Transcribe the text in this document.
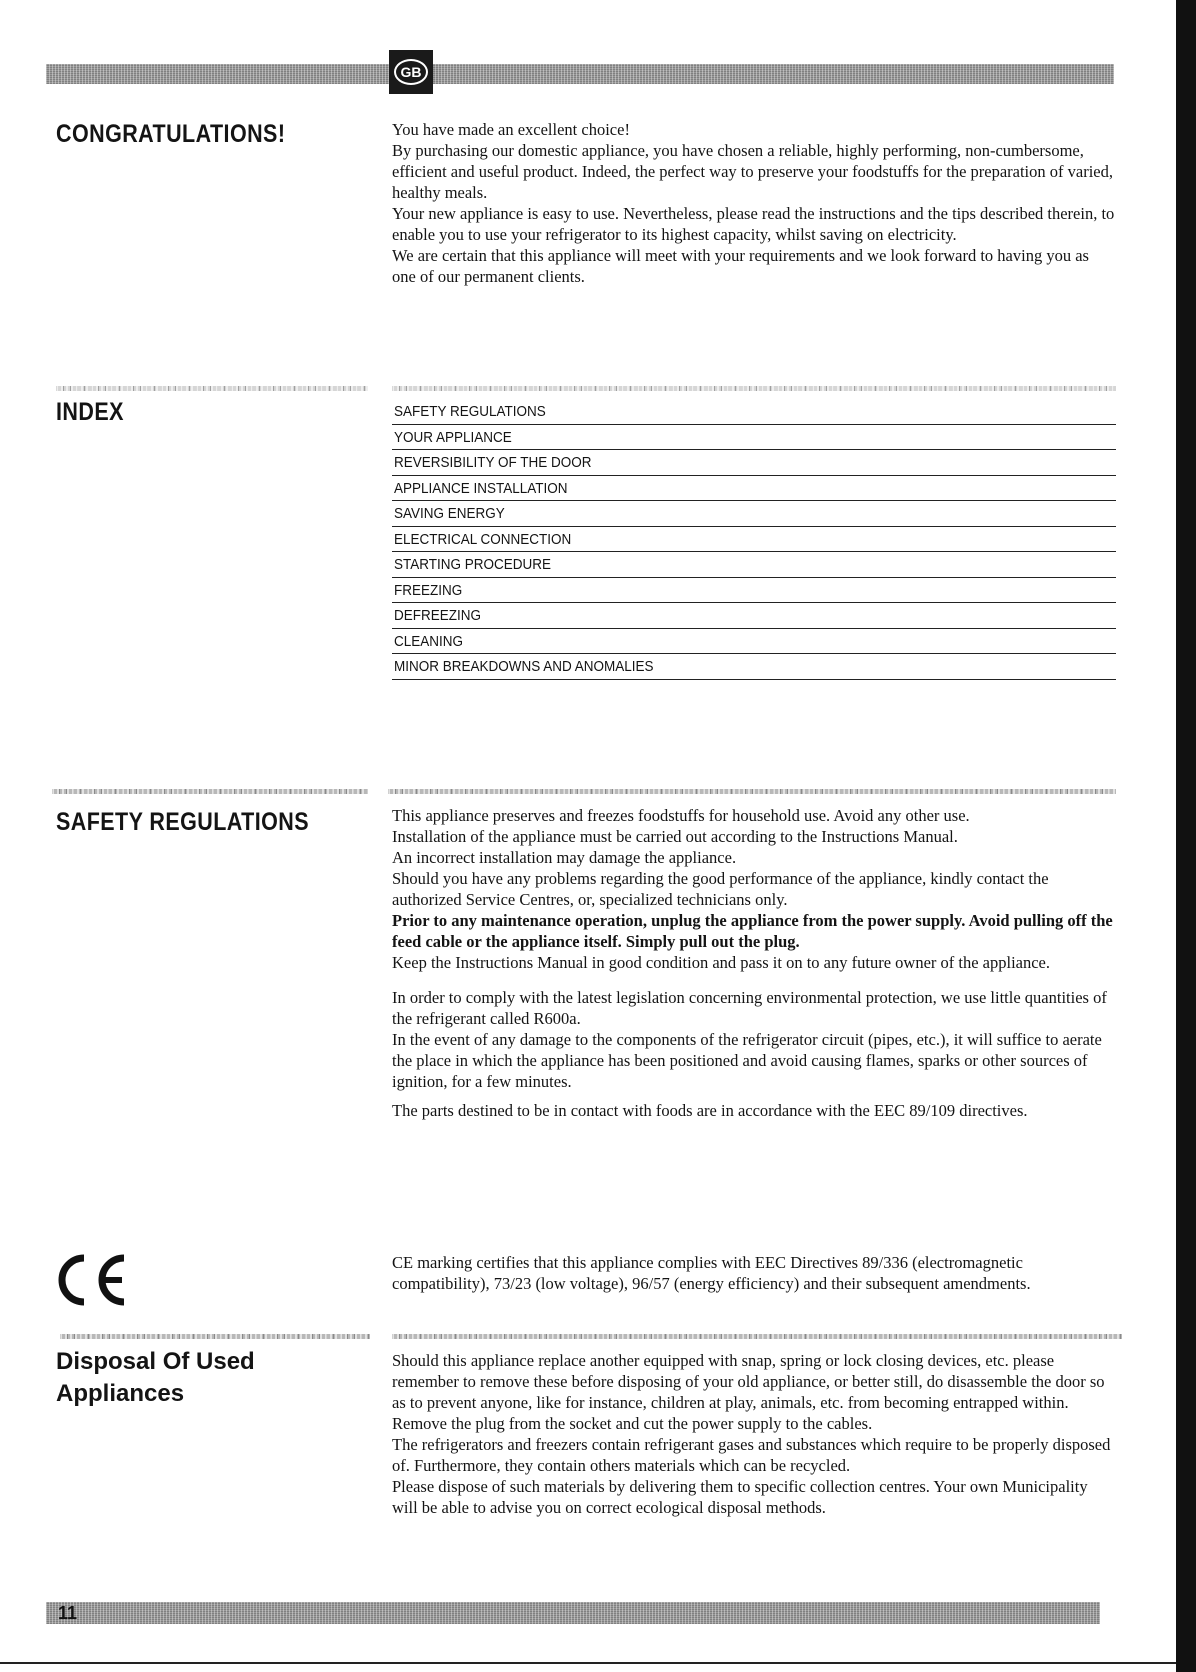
GB
CONGRATULATIONS!	You have made an excellent choice!

By purchasing our domestic appliance, you have chosen a reliable, highly performing, non-cumbersome, efficient and useful product. Indeed, the perfect way to preserve your foodstuffs for the preparation of varied, healthy meals.

Your new appliance is easy to use. Nevertheless, please read the instructions and the tips described therein, to enable you to use your refrigerator to its highest capacity, whilst saving on electricity.

We are certain that this appliance will meet with your requirements and we look forward to having you as one of our permanent clients.

INDEX	SAFETY REGULATIONS
YOUR APPLIANCE
REVERSIBILITY OF THE DOOR
APPLIANCE INSTALLATION
SAVING ENERGY
ELECTRICAL CONNECTION
STARTING PROCEDURE
FREEZING
DEFREEZING
CLEANING
MINOR BREAKDOWNS AND ANOMALIES
SAFETY REGULATIONS	This appliance preserves and freezes foodstuffs for household use. Avoid any other use.

Installation of the appliance must be carried out according to the Instructions Manual.

An incorrect installation may damage the appliance.

Should you have any problems regarding the good performance of the appliance, kindly contact the authorized Service Centres, or, specialized technicians only.

Prior to any maintenance operation, unplug the appliance from the power supply. Avoid pulling off the feed cable or the appliance itself. Simply pull out the plug.

Keep the Instructions Manual in good condition and pass it on to any future owner of the appliance.

In order to comply with the latest legislation concerning environmental protection, we use little quantities of the refrigerant called R600a.

In the event of any damage to the components of the refrigerator circuit (pipes, etc.), it will suffice to aerate the place in which the appliance has been positioned and avoid causing flames, sparks or other sources of ignition, for a few minutes.

The parts destined to be in contact with foods are in accordance with the EEC 89/109 directives.

CE marking certifies that this appliance complies with EEC Directives 89/336 (electromagnetic compatibility), 73/23 (low voltage), 96/57 (energy efficiency) and their subsequent amendments.

Disposal Of Used Appliances

Should this appliance replace another equipped with snap, spring or lock closing devices, etc. please remember to remove these before disposing of your old appliance, or better still, do disassemble the door so as to prevent anyone, like for instance, children at play, animals, etc. from becoming entrapped within.

Remove the plug from the socket and cut the power supply to the cables.

The refrigerators and freezers contain refrigerant gases and substances which require to be properly disposed of. Furthermore, they contain others materials which can be recycled.

Please dispose of such materials by delivering them to specific collection centres. Your own Municipality will be able to advise you on correct ecological disposal methods.

11
